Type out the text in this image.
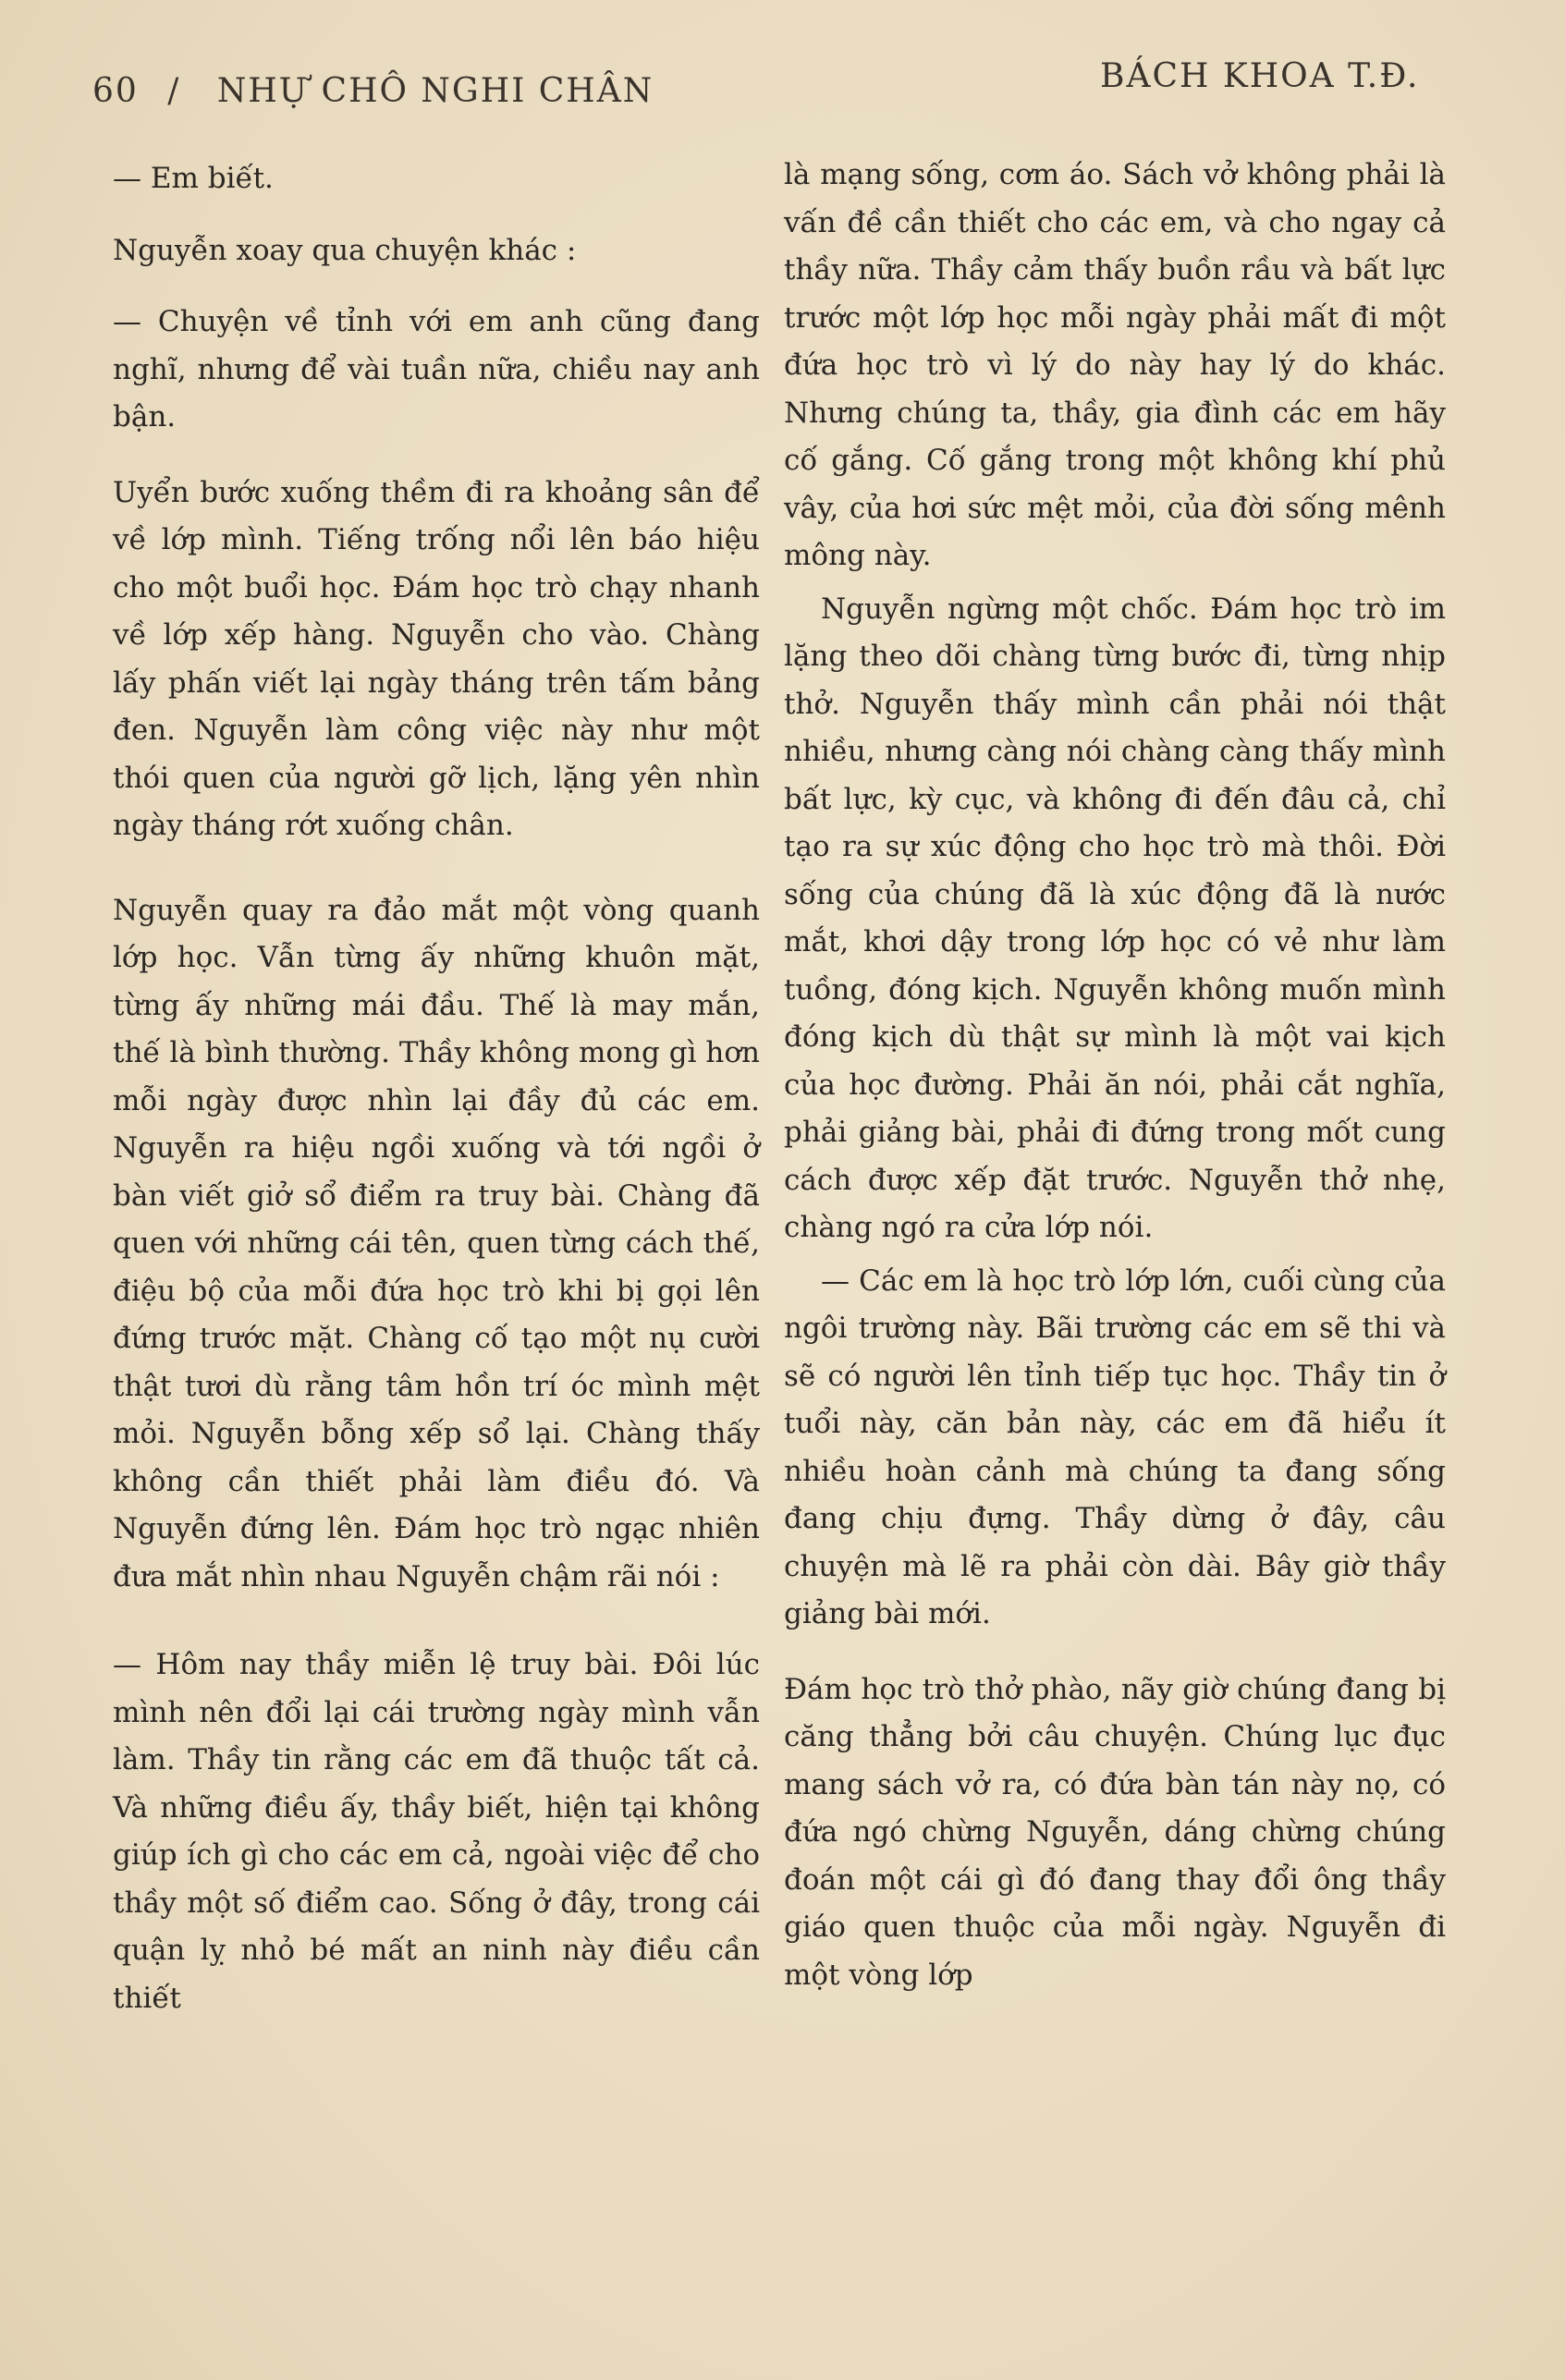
60 / NHỰ CHÔ NGHI CHÂN	BÁCH KHOA T.Đ.

— Em biết.

Nguyễn xoay qua chuyện khác :

— Chuyện về tỉnh với em anh cũng đang nghĩ, nhưng để vài tuần nữa, chiều nay anh bận.

Uyển bước xuống thềm đi ra khoảng sân để về lớp mình. Tiếng trống nổi lên báo hiệu cho một buổi học. Đám học trò chạy nhanh về lớp xếp hàng. Nguyễn cho vào. Chàng lấy phấn viết lại ngày tháng trên tấm bảng đen. Nguyễn làm công việc này như một thói quen của người gỡ lịch, lặng yên nhìn ngày tháng rớt xuống chân.

Nguyễn quay ra đảo mắt một vòng quanh lớp học. Vẫn từng ấy những khuôn mặt, từng ấy những mái đầu. Thế là may mắn, thế là bình thường. Thầy không mong gì hơn mỗi ngày được nhìn lại đầy đủ các em. Nguyễn ra hiệu ngồi xuống và tới ngồi ở bàn viết giở sổ điểm ra truy bài. Chàng đã quen với những cái tên, quen từng cách thế, điệu bộ của mỗi đứa học trò khi bị gọi lên đứng trước mặt. Chàng cố tạo một nụ cười thật tươi dù rằng tâm hồn trí óc mình mệt mỏi. Nguyễn bỗng xếp sổ lại. Chàng thấy không cần thiết phải làm điều đó. Và Nguyễn đứng lên. Đám học trò ngạc nhiên đưa mắt nhìn nhau Nguyễn chậm rãi nói :

— Hôm nay thầy miễn lệ truy bài. Đôi lúc mình nên đổi lại cái trường ngày mình vẫn làm. Thầy tin rằng các em đã thuộc tất cả. Và những điều ấy, thầy biết, hiện tại không giúp ích gì cho các em cả, ngoài việc để cho thầy một số điểm cao. Sống ở đây, trong cái quận lỵ nhỏ bé mất an ninh này điều cần thiết

là mạng sống, cơm áo. Sách vở không phải là vấn đề cần thiết cho các em, và cho ngay cả thầy nữa. Thầy cảm thấy buồn rầu và bất lực trước một lớp học mỗi ngày phải mất đi một đứa học trò vì lý do này hay lý do khác. Nhưng chúng ta, thầy, gia đình các em hãy cố gắng. Cố gắng trong một không khí phủ vây, của hơi sức mệt mỏi, của đời sống mênh mông này.

Nguyễn ngừng một chốc. Đám học trò im lặng theo dõi chàng từng bước đi, từng nhịp thở. Nguyễn thấy mình cần phải nói thật nhiều, nhưng càng nói chàng càng thấy mình bất lực, kỳ cục, và không đi đến đâu cả, chỉ tạo ra sự xúc động cho học trò mà thôi. Đời sống của chúng đã là xúc động đã là nước mắt, khơi dậy trong lớp học có vẻ như làm tuồng, đóng kịch. Nguyễn không muốn mình đóng kịch dù thật sự mình là một vai kịch của học đường. Phải ăn nói, phải cắt nghĩa, phải giảng bài, phải đi đứng trong mốt cung cách được xếp đặt trước. Nguyễn thở nhẹ, chàng ngó ra cửa lớp nói.

— Các em là học trò lớp lớn, cuối cùng của ngôi trường này. Bãi trường các em sẽ thi và sẽ có người lên tỉnh tiếp tục học. Thầy tin ở tuổi này, căn bản này, các em đã hiểu ít nhiều hoàn cảnh mà chúng ta đang sống đang chịu đựng. Thầy dừng ở đây, câu chuyện mà lẽ ra phải còn dài. Bây giờ thầy giảng bài mới.

Đám học trò thở phào, nãy giờ chúng đang bị căng thẳng bởi câu chuyện. Chúng lục đục mang sách vở ra, có đứa bàn tán này nọ, có đứa ngó chừng Nguyễn, dáng chừng chúng đoán một cái gì đó đang thay đổi ông thầy giáo quen thuộc của mỗi ngày. Nguyễn đi một vòng lớp
